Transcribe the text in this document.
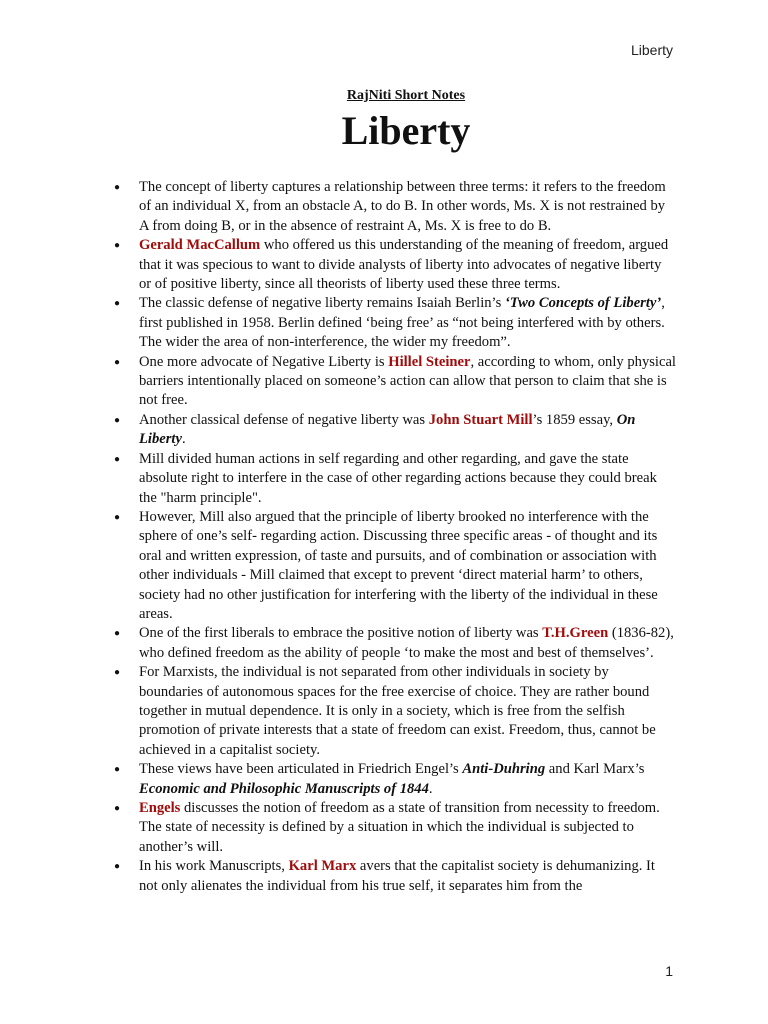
Liberty
RajNiti Short Notes
Liberty
● The concept of liberty captures a relationship between three terms: it refers to the freedom of an individual X, from an obstacle A, to do B. In other words, Ms. X is not restrained by A from doing B, or in the absence of restraint A, Ms. X is free to do B.
● Gerald MacCallum who offered us this understanding of the meaning of freedom, argued that it was specious to want to divide analysts of liberty into advocates of negative liberty or of positive liberty, since all theorists of liberty used these three terms.
● The classic defense of negative liberty remains Isaiah Berlin’s ‘Two Concepts of Liberty’, first published in 1958. Berlin defined ‘being free’ as “not being interfered with by others. The wider the area of non-interference, the wider my freedom”.
● One more advocate of Negative Liberty is Hillel Steiner, according to whom, only physical barriers intentionally placed on someone’s action can allow that person to claim that she is not free.
● Another classical defense of negative liberty was John Stuart Mill’s 1859 essay, On Liberty.
● Mill divided human actions in self regarding and other regarding, and gave the state absolute right to interfere in the case of other regarding actions because they could break the "harm principle".
● However, Mill also argued that the principle of liberty brooked no interference with the sphere of one’s self- regarding action. Discussing three specific areas - of thought and its oral and written expression, of taste and pursuits, and of combination or association with other individuals - Mill claimed that except to prevent ‘direct material harm’ to others, society had no other justification for interfering with the liberty of the individual in these areas.
● One of the first liberals to embrace the positive notion of liberty was T.H.Green (1836-82), who defined freedom as the ability of people ‘to make the most and best of themselves’.
● For Marxists, the individual is not separated from other individuals in society by boundaries of autonomous spaces for the free exercise of choice. They are rather bound together in mutual dependence. It is only in a society, which is free from the selfish promotion of private interests that a state of freedom can exist. Freedom, thus, cannot be achieved in a capitalist society.
● These views have been articulated in Friedrich Engel’s Anti-Duhring and Karl Marx’s Economic and Philosophic Manuscripts of 1844.
● Engels discusses the notion of freedom as a state of transition from necessity to freedom. The state of necessity is defined by a situation in which the individual is subjected to another’s will.
● In his work Manuscripts, Karl Marx avers that the capitalist society is dehumanizing. It not only alienates the individual from his true self, it separates him from the
1
